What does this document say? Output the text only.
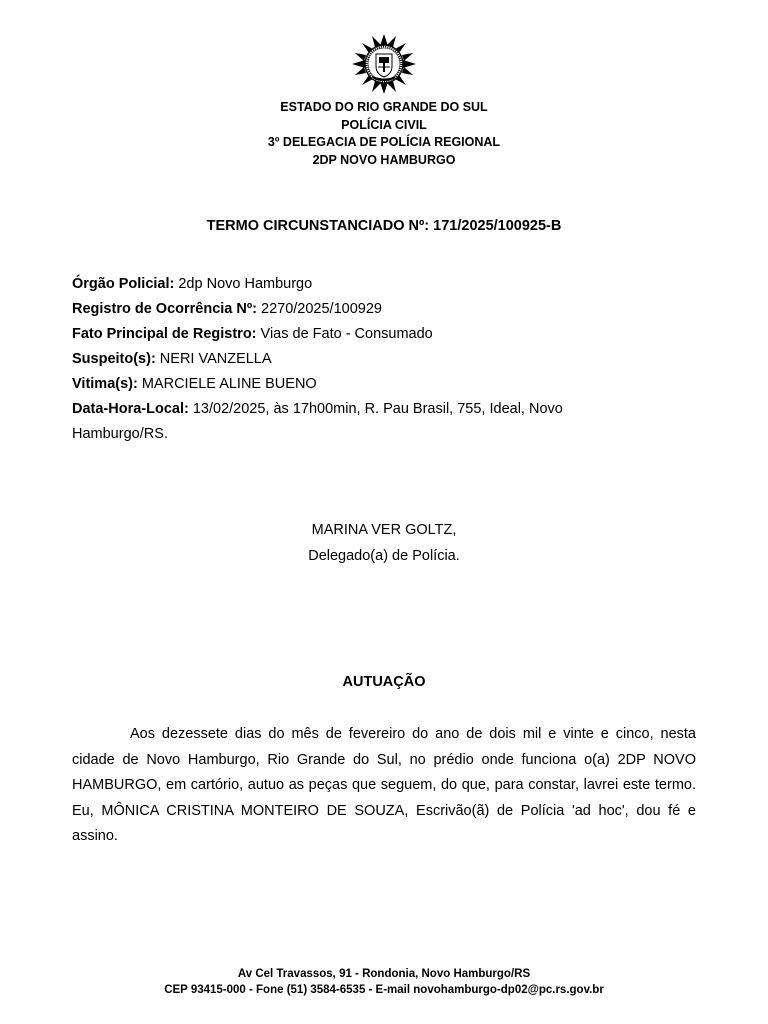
ESTADO DO RIO GRANDE DO SUL
POLÍCIA CIVIL
3º DELEGACIA DE POLÍCIA REGIONAL
2DP NOVO HAMBURGO
TERMO CIRCUNSTANCIADO Nº: 171/2025/100925-B

Órgão Policial: 2dp Novo Hamburgo

Registro de Ocorrência Nº: 2270/2025/100929

Fato Principal de Registro: Vias de Fato - Consumado

Suspeito(s): NERI VANZELLA

Vitima(s): MARCIELE ALINE BUENO

Data-Hora-Local: 13/02/2025, às 17h00min, R. Pau Brasil, 755, Ideal, Novo Hamburgo/RS.

MARINA VER GOLTZ,
Delegado(a) de Polícia.
AUTUAÇÃO

Aos dezessete dias do mês de fevereiro do ano de dois mil e vinte e cinco, nesta cidade de Novo Hamburgo, Rio Grande do Sul, no prédio onde funciona o(a) 2DP NOVO HAMBURGO, em cartório, autuo as peças que seguem, do que, para constar, lavrei este termo. Eu, MÔNICA CRISTINA MONTEIRO DE SOUZA, Escrivão(ã) de Polícia 'ad hoc', dou fé e assino.

Av Cel Travassos, 91 - Rondonia, Novo Hamburgo/RS
CEP 93415-000 - Fone (51) 3584-6535 - E-mail novohamburgo-dp02@pc.rs.gov.br
